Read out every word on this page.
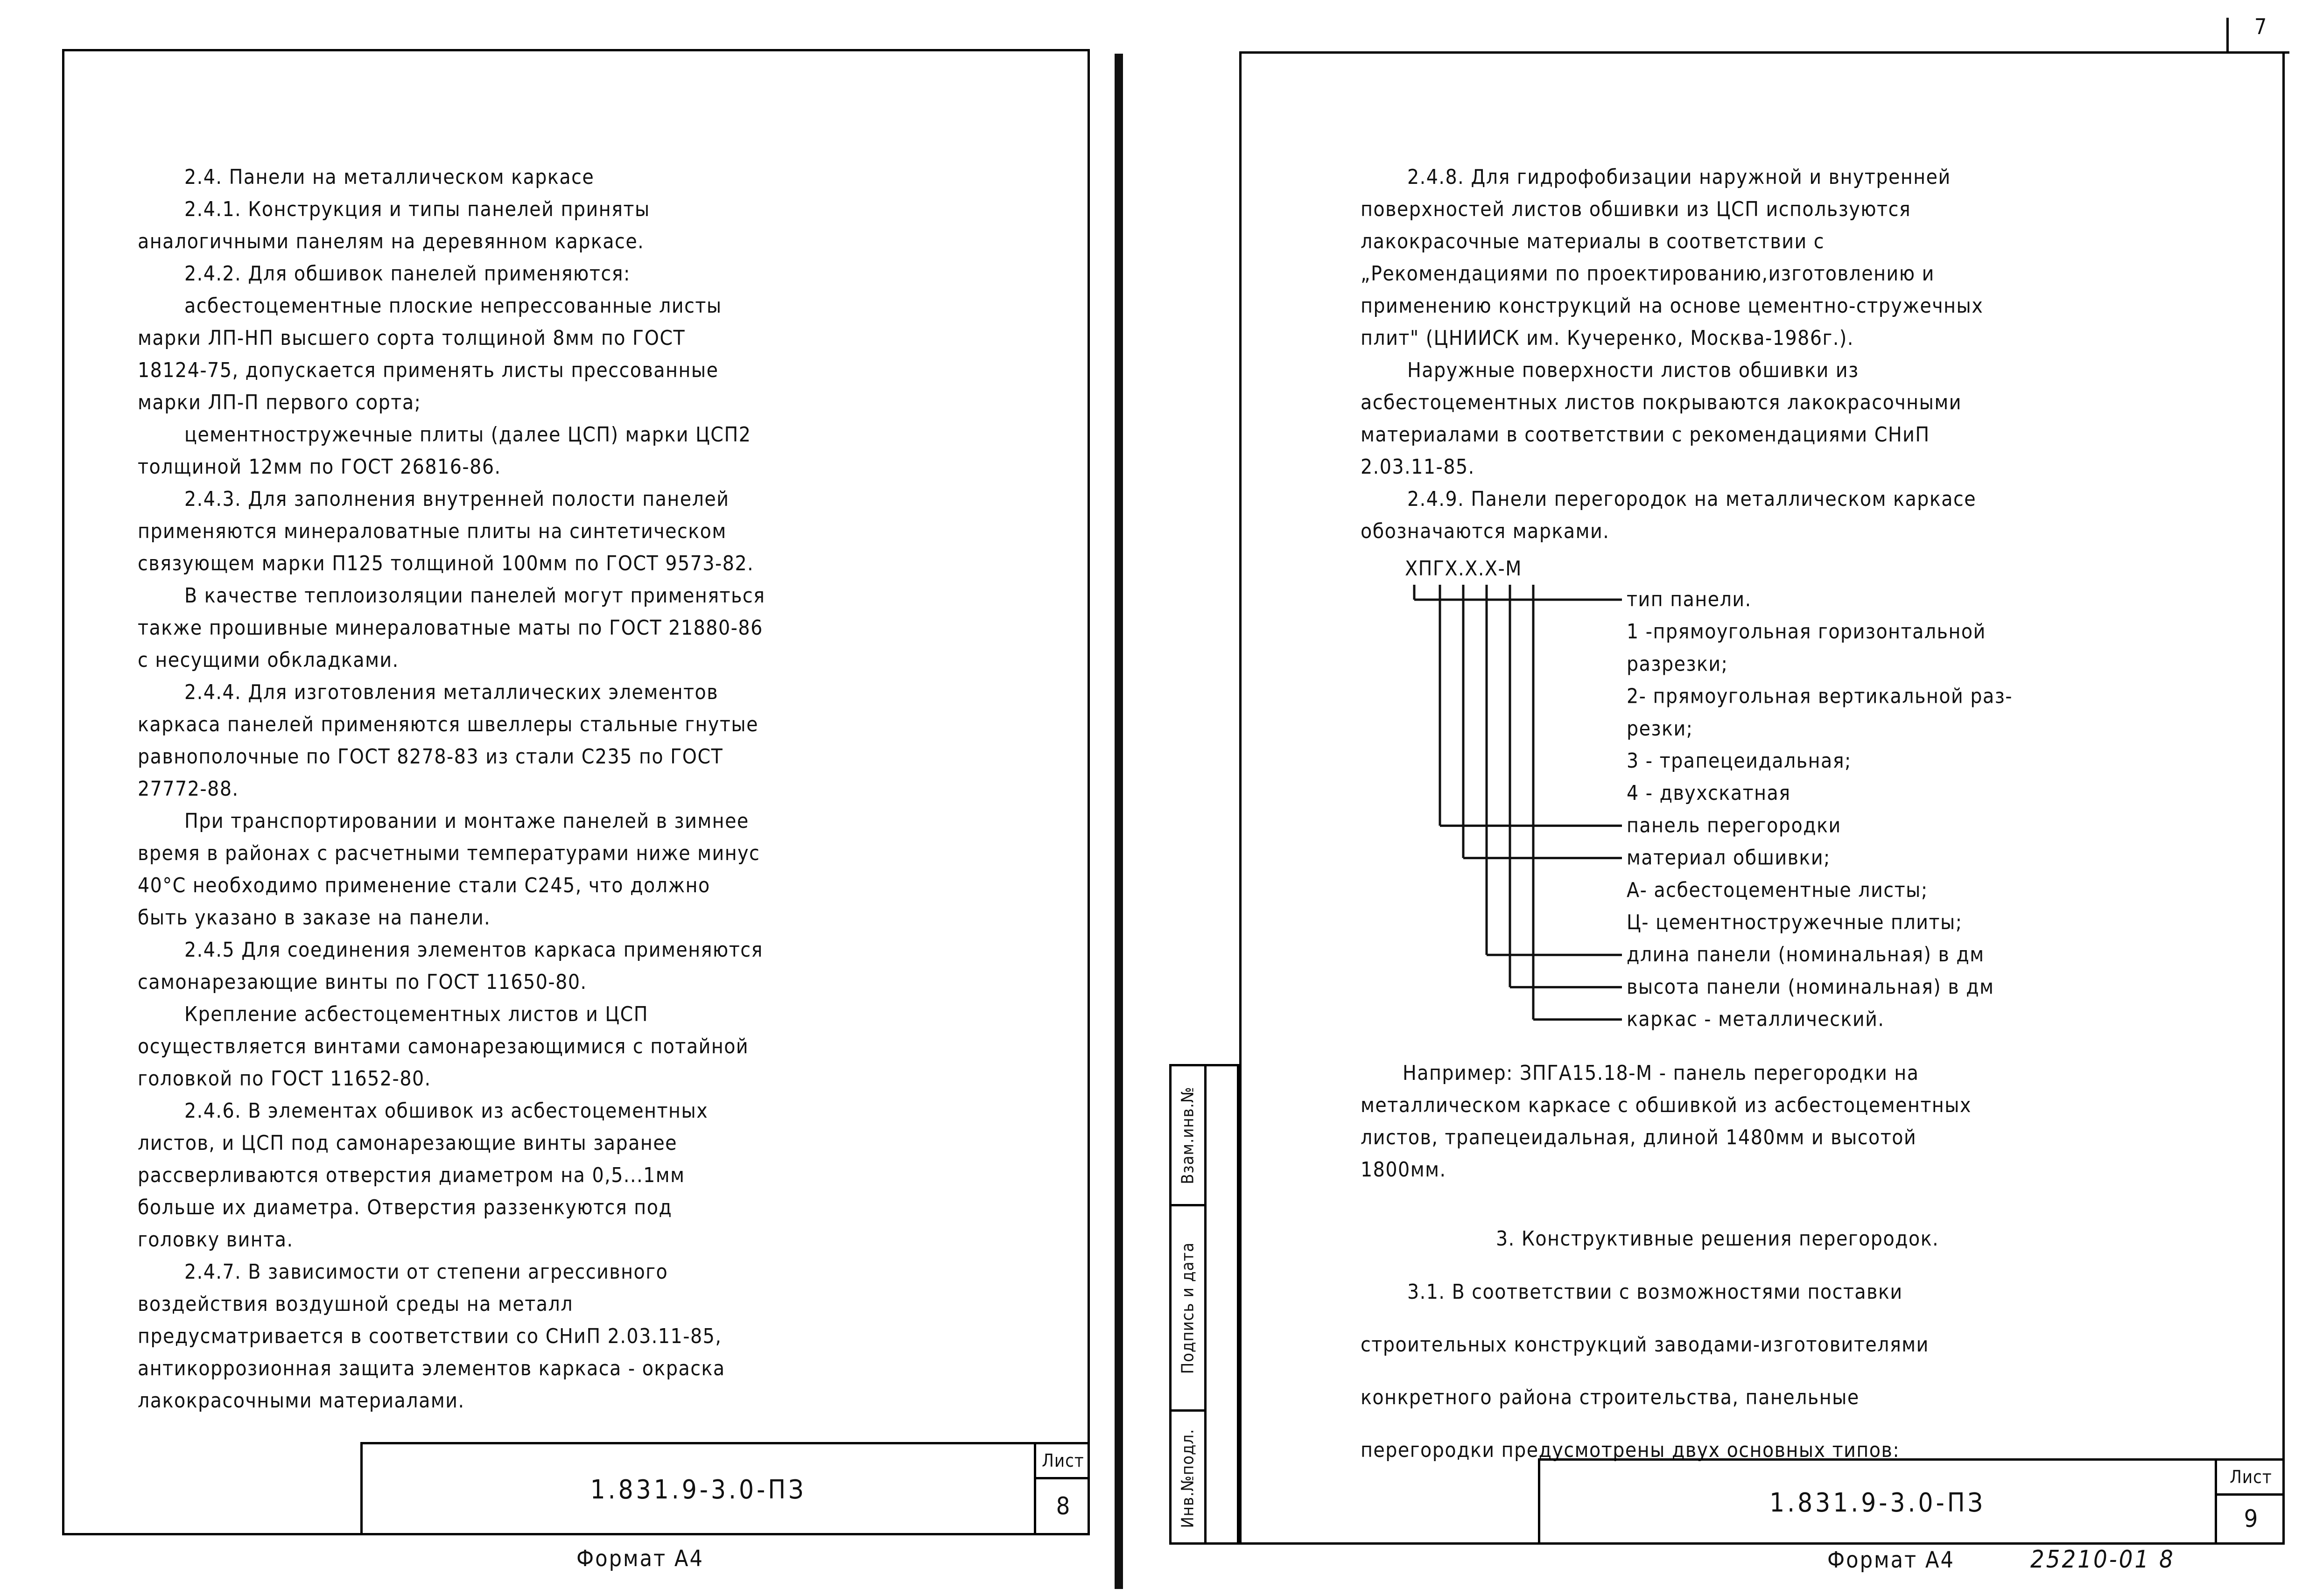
2.4. Панели на металлическом каркасе

2.4.1. Конструкция и типы панелей приняты

аналогичными панелям на деревянном каркасе.

2.4.2. Для обшивок панелей применяются:

асбестоцементные плоские непрессованные листы

марки ЛП-НП высшего сорта толщиной 8мм по ГОСТ

18124-75, допускается применять листы прессованные

марки ЛП-П первого сорта;

цементностружечные плиты (далее ЦСП) марки ЦСП2

толщиной 12мм по ГОСТ 26816-86.

2.4.3. Для заполнения внутренней полости панелей

применяются минераловатные плиты на синтетическом

связующем марки П125 толщиной 100мм по ГОСТ 9573-82.

В качестве теплоизоляции панелей могут применяться

также прошивные минераловатные маты по ГОСТ 21880-86

с несущими обкладками.

2.4.4. Для изготовления металлических элементов

каркаса панелей применяются швеллеры стальные гнутые

равнополочные по ГОСТ 8278-83 из стали С235 по ГОСТ

27772-88.

При транспортировании и монтаже панелей в зимнее

время в районах с расчетными температурами ниже минус

40°С необходимо применение стали С245, что должно

быть указано в заказе на панели.

2.4.5 Для соединения элементов каркаса применяются

самонарезающие винты по ГОСТ 11650-80.

Крепление асбестоцементных листов и ЦСП

осуществляется винтами самонарезающимися с потайной

головкой по ГОСТ 11652-80.

2.4.6. В элементах обшивок из асбестоцементных

листов, и ЦСП под самонарезающие винты заранее

рассверливаются отверстия диаметром на 0,5...1мм

больше их диаметра. Отверстия раззенкуются под

головку винта.

2.4.7. В зависимости от степени агрессивного

воздействия воздушной среды на металл

предусматривается в соответствии со СНиП 2.03.11-85,

антикоррозионная защита элементов каркаса - окраска

лакокрасочными материалами.

2.4.8. Для гидрофобизации наружной и внутренней

поверхностей листов обшивки из ЦСП используются

лакокрасочные материалы в соответствии с

„Рекомендациями по проектированию,изготовлению и

применению конструкций на основе цементно-стружечных

плит" (ЦНИИСК им. Кучеренко, Москва-1986г.).

Наружные поверхности листов обшивки из

асбестоцементных листов покрываются лакокрасочными

материалами в соответствии с рекомендациями СНиП

2.03.11-85.

2.4.9. Панели перегородок на металлическом каркасе

обозначаются марками.

ХПГХ.Х.Х-М
тип панели.
1 -прямоугольная горизонтальной
разрезки;
2- прямоугольная вертикальной раз-
резки;
3 - трапецеидальная;
4 - двухскатная
панель перегородки
материал обшивки;
А- асбестоцементные листы;
Ц- цементностружечные плиты;
длина панели (номинальная) в дм
высота панели (номинальная) в дм
каркас - металлический.

Например: ЗПГА15.18-М - панель перегородки на

металлическом каркасе с обшивкой из асбестоцементных

листов, трапецеидальная, длиной 1480мм и высотой

1800мм.

3. Конструктивные решения перегородок.

3.1. В соответствии с возможностями поставки

строительных конструкций заводами-изготовителями

конкретного района строительства, панельные

перегородки предусмотрены двух основных типов:

1.831.9-3.0-ПЗ
Лист
8	1.831.9-3.0-ПЗ
Лист
9
Формат А4	Формат А4	25210-01 8
7
Взам.инв.№
Подпись и дата
Инв.№подл.
